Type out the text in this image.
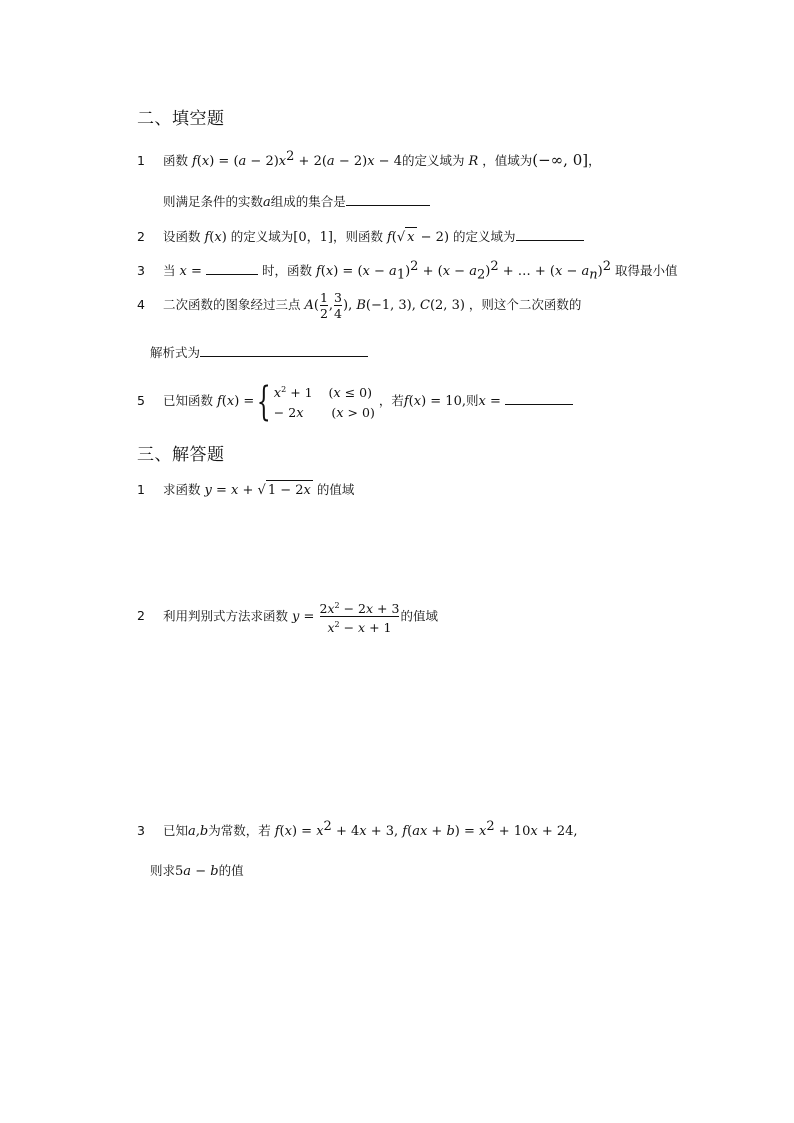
二、填空题
1 函数 $f(x) = (a - 2)x^2 + 2(a - 2)x - 4$的定义域为 R ，值域为(−∞, 0]，
则满足条件的实数a组成的集合是
2 设函数 f(x) 的定义域为[0，1]，则函数 f(√ x − 2) 的定义域为
3 当 x =	时，函数 $f(x) = (x - a_1)^2 + (x - a_2)^2$ + … + $(x - a_n)^2$ 取得最小值
4 二次函数的图象经过三点 $A( \frac{1}{2}$ , $\frac{3}{4}$ ), B(−1, 3), C(2, 3) ，则这个二次函数的
解析式为
5 已知函数 f(x) ={ $x^2 + 1$    (x ≤ 0)
− 2x       (x > 0)
，若f(x) = 10,则x =
三、解答题
1 求函数 y = x + √ 1 − 2x 的值域
2 利用判别式方法求函数 $y = \frac{2x^2 - 2x + 3}{x^2 - x + 1}$ 的值域
3 已知a,b为常数，若 $f(x) = x^2 + 4x + 3$, $f(ax + b) = x^2 + 10x + 24$,
则求5a − b的值
